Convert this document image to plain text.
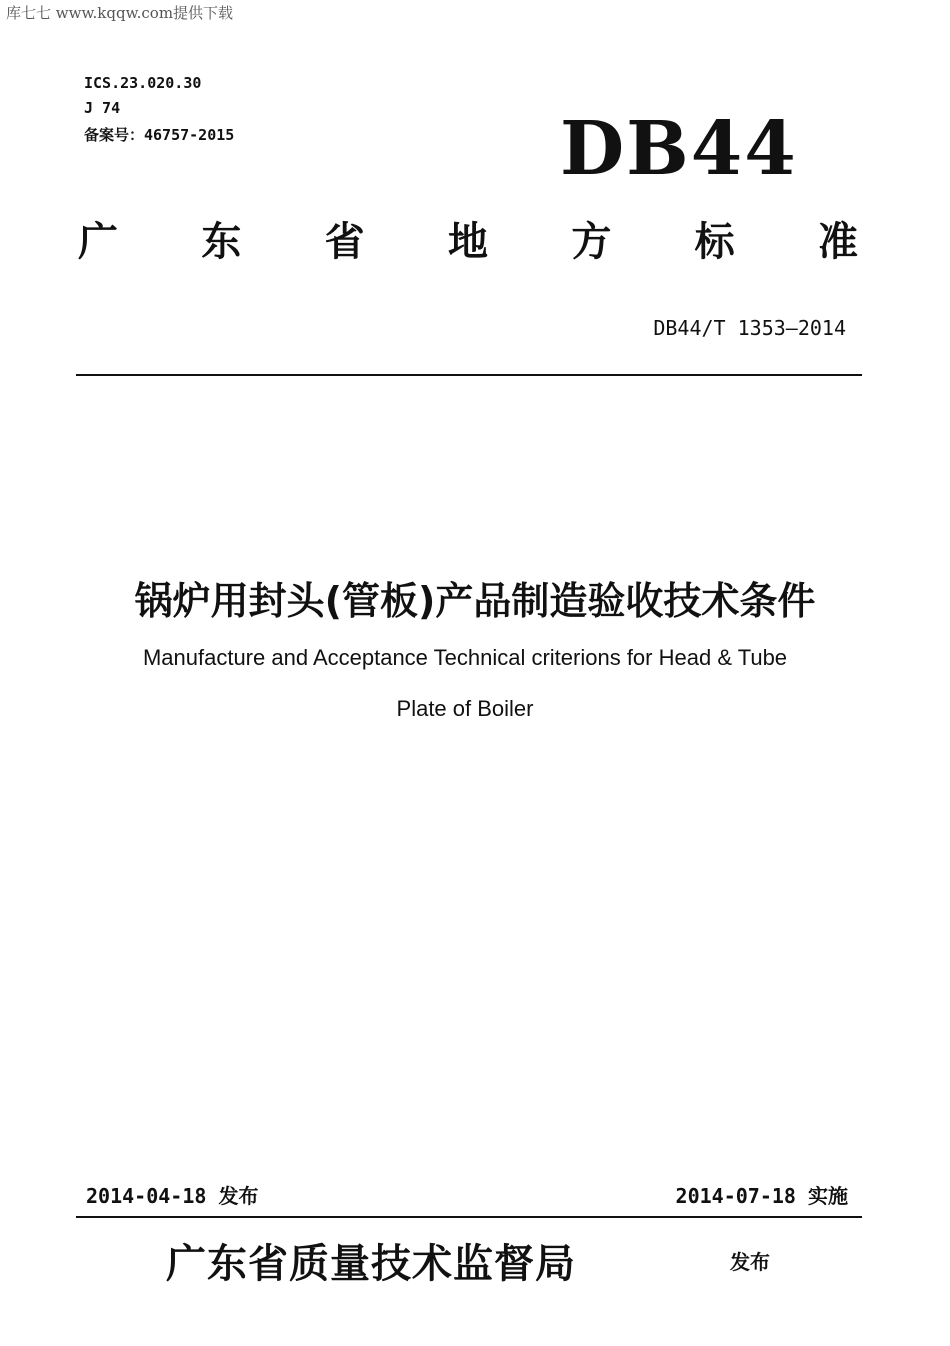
库七七 www.kqqw.com提供下载
ICS.23.020.30
J 74
备案号：46757-2015	DB44
广 东 省 地 方 标 准
DB44/T 1353—2014
锅炉用封头(管板)产品制造验收技术条件
Manufacture and Acceptance Technical criterions for Head & Tube
Plate of Boiler
2014-04-18 发布	2014-07-18 实施
广东省质量技术监督局	发布
